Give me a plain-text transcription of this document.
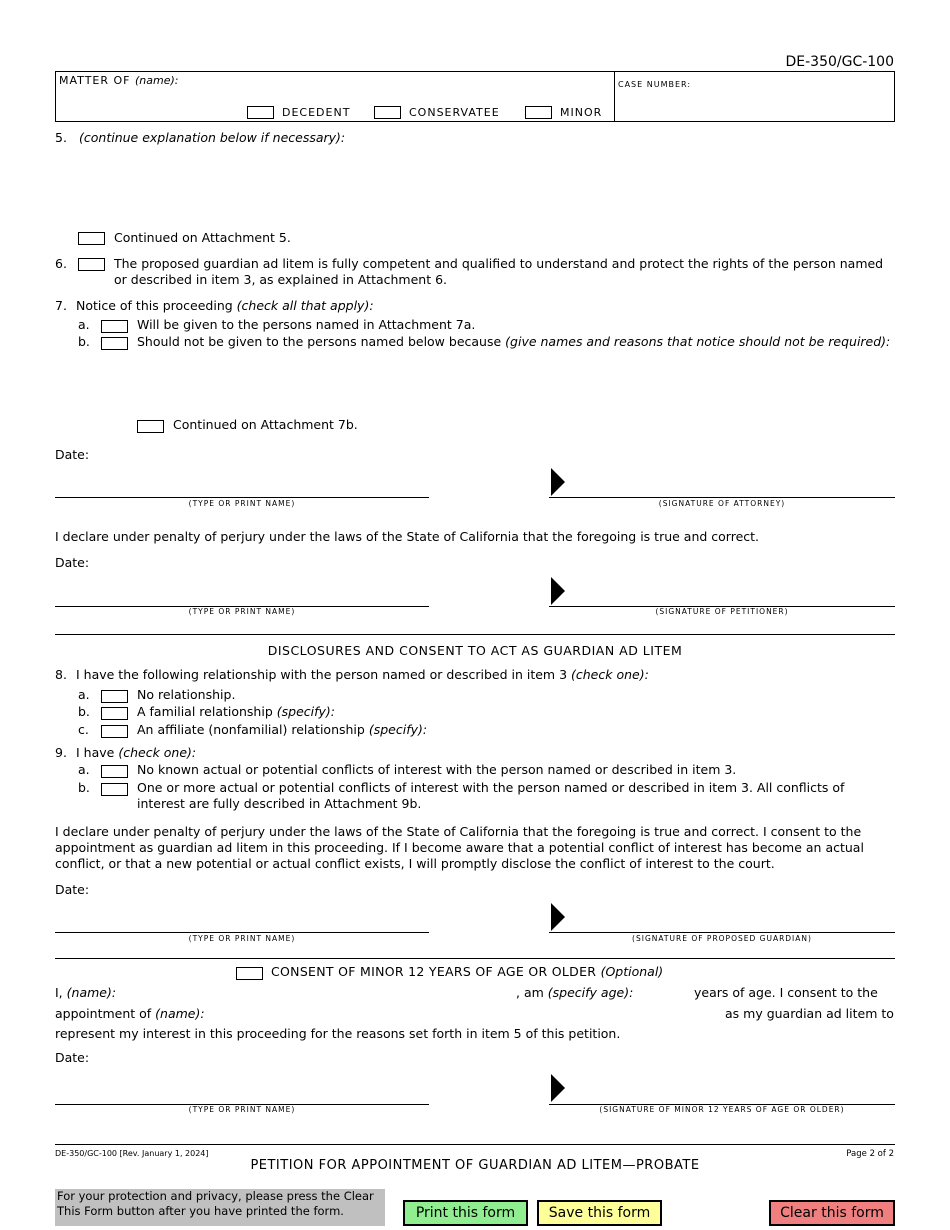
DE-350/GC-100
MATTER OF (name):
DECEDENT	CONSERVATEE	MINOR
CASE NUMBER:
5. (continue explanation below if necessary):
Continued on Attachment 5.
6.	The proposed guardian ad litem is fully competent and qualified to understand and protect the rights of the person named or described in item 3, as explained in Attachment 6.
7. Notice of this proceeding (check all that apply):
a.	Will be given to the persons named in Attachment 7a.
b.	Should not be given to the persons named below because (give names and reasons that notice should not be required):
Continued on Attachment 7b.
Date:
(TYPE OR PRINT NAME)	(SIGNATURE OF ATTORNEY)
I declare under penalty of perjury under the laws of the State of California that the foregoing is true and correct.
Date:
(TYPE OR PRINT NAME)	(SIGNATURE OF PETITIONER)
DISCLOSURES AND CONSENT TO ACT AS GUARDIAN AD LITEM
8. I have the following relationship with the person named or described in item 3 (check one):
a.	No relationship.
b.	A familial relationship (specify):
c.	An affiliate (nonfamilial) relationship (specify):
9. I have (check one):
a.	No known actual or potential conflicts of interest with the person named or described in item 3.
b.	One or more actual or potential conflicts of interest with the person named or described in item 3. All conflicts of interest are fully described in Attachment 9b.
I declare under penalty of perjury under the laws of the State of California that the foregoing is true and correct. I consent to the appointment as guardian ad litem in this proceeding. If I become aware that a potential conflict of interest has become an actual conflict, or that a new potential or actual conflict exists, I will promptly disclose the conflict of interest to the court.
Date:
(TYPE OR PRINT NAME)	(SIGNATURE OF PROPOSED GUARDIAN)
CONSENT OF MINOR 12 YEARS OF AGE OR OLDER (Optional)
I, (name):	, am (specify age):	years of age. I consent to the
appointment of (name):	as my guardian ad litem to
represent my interest in this proceeding for the reasons set forth in item 5 of this petition.
Date:
(TYPE OR PRINT NAME)	(SIGNATURE OF MINOR 12 YEARS OF AGE OR OLDER)
DE-350/GC-100 [Rev. January 1, 2024]	Page 2 of 2
PETITION FOR APPOINTMENT OF GUARDIAN AD LITEM—PROBATE
For your protection and privacy, please press the Clear This Form button after you have printed the form.	Print this form	Save this form	Clear this form
